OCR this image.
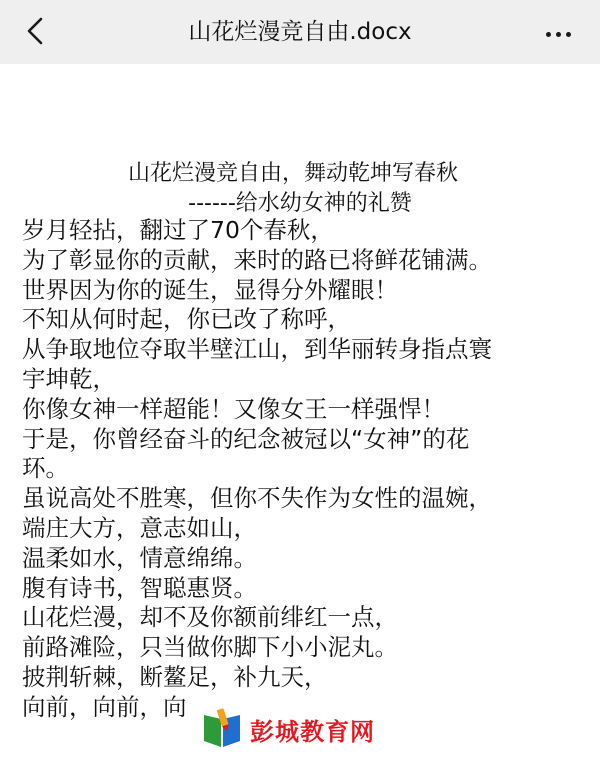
山花烂漫竞自由.docx
山花烂漫竞自由，舞动乾坤写春秋
------给水幼女神的礼赞
岁月轻拈，翻过了70个春秋，
为了彰显你的贡献，来时的路已将鲜花铺满。
世界因为你的诞生，显得分外耀眼！
不知从何时起，你已改了称呼，
从争取地位夺取半壁江山，到华丽转身指点寰
宇坤乾，
你像女神一样超能！又像女王一样强悍！
于是，你曾经奋斗的纪念被冠以“女神”的花
环。
虽说高处不胜寒，但你不失作为女性的温婉，
端庄大方，意志如山，
温柔如水，情意绵绵。
腹有诗书，智聪惠贤。
山花烂漫，却不及你额前绯红一点，
前路滩险，只当做你脚下小小泥丸。
披荆斩棘，断鳌足，补九天，
向前，向前，向
彭城教育网
